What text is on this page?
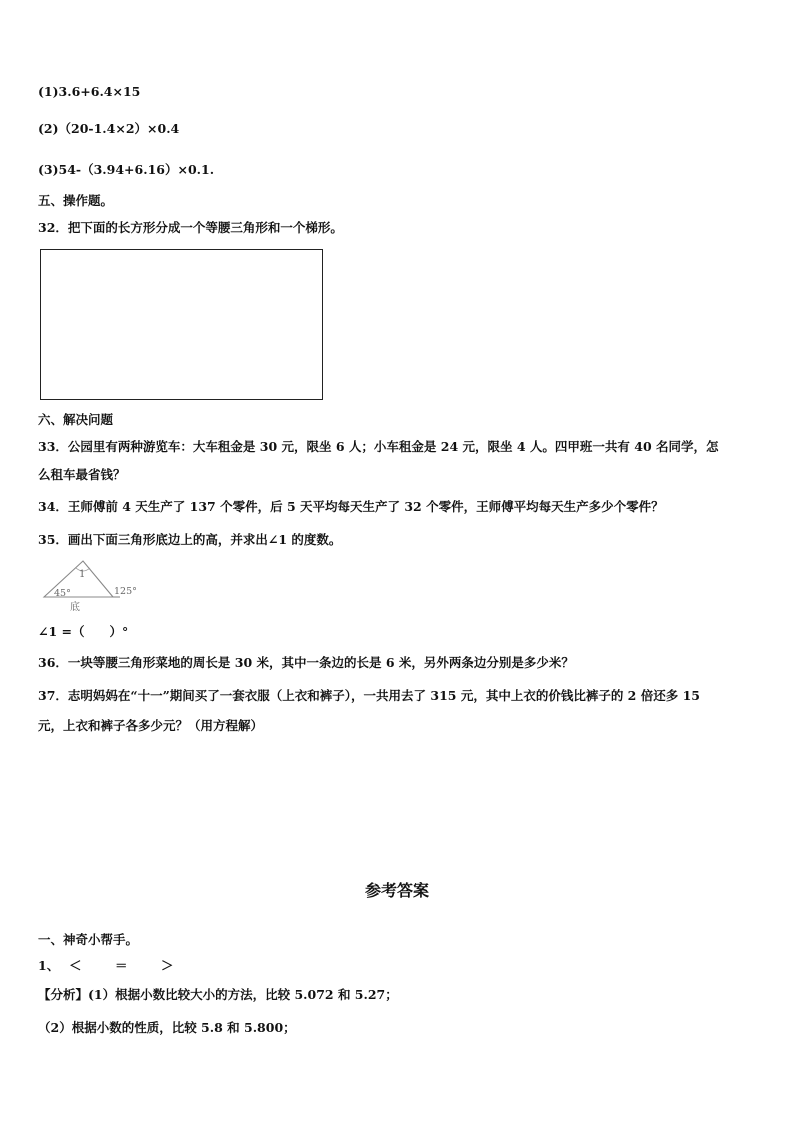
(1)3.6+6.4×15
(2)（20-1.4×2）×0.4
(3)54-（3.94+6.16）×0.1.
五、操作题。
32．把下面的长方形分成一个等腰三角形和一个梯形。
六、解决问题
33．公园里有两种游览车：大车租金是 30 元，限坐 6 人；小车租金是 24 元，限坐 4 人。四甲班一共有 40 名同学，怎
么租车最省钱？
34．王师傅前 4 天生产了 137 个零件，后 5 天平均每天生产了 32 个零件，王师傅平均每天生产多少个零件？
35．画出下面三角形底边上的高，并求出∠1 的度数。
1
45°	125°
底
∠1 =（　　）°
36．一块等腰三角形菜地的周长是 30 米，其中一条边的长是 6 米，另外两条边分别是多少米？
37．志明妈妈在“十一”期间买了一套衣服（上衣和裤子），一共用去了 315 元，其中上衣的价钱比裤子的 2 倍还多 15
元，上衣和裤子各多少元？（用方程解）
参考答案
一、神奇小帮手。
1、 ＜	＝	＞
【分析】(1）根据小数比较大小的方法，比较 5.072 和 5.27；
（2）根据小数的性质，比较 5.8 和 5.800；
